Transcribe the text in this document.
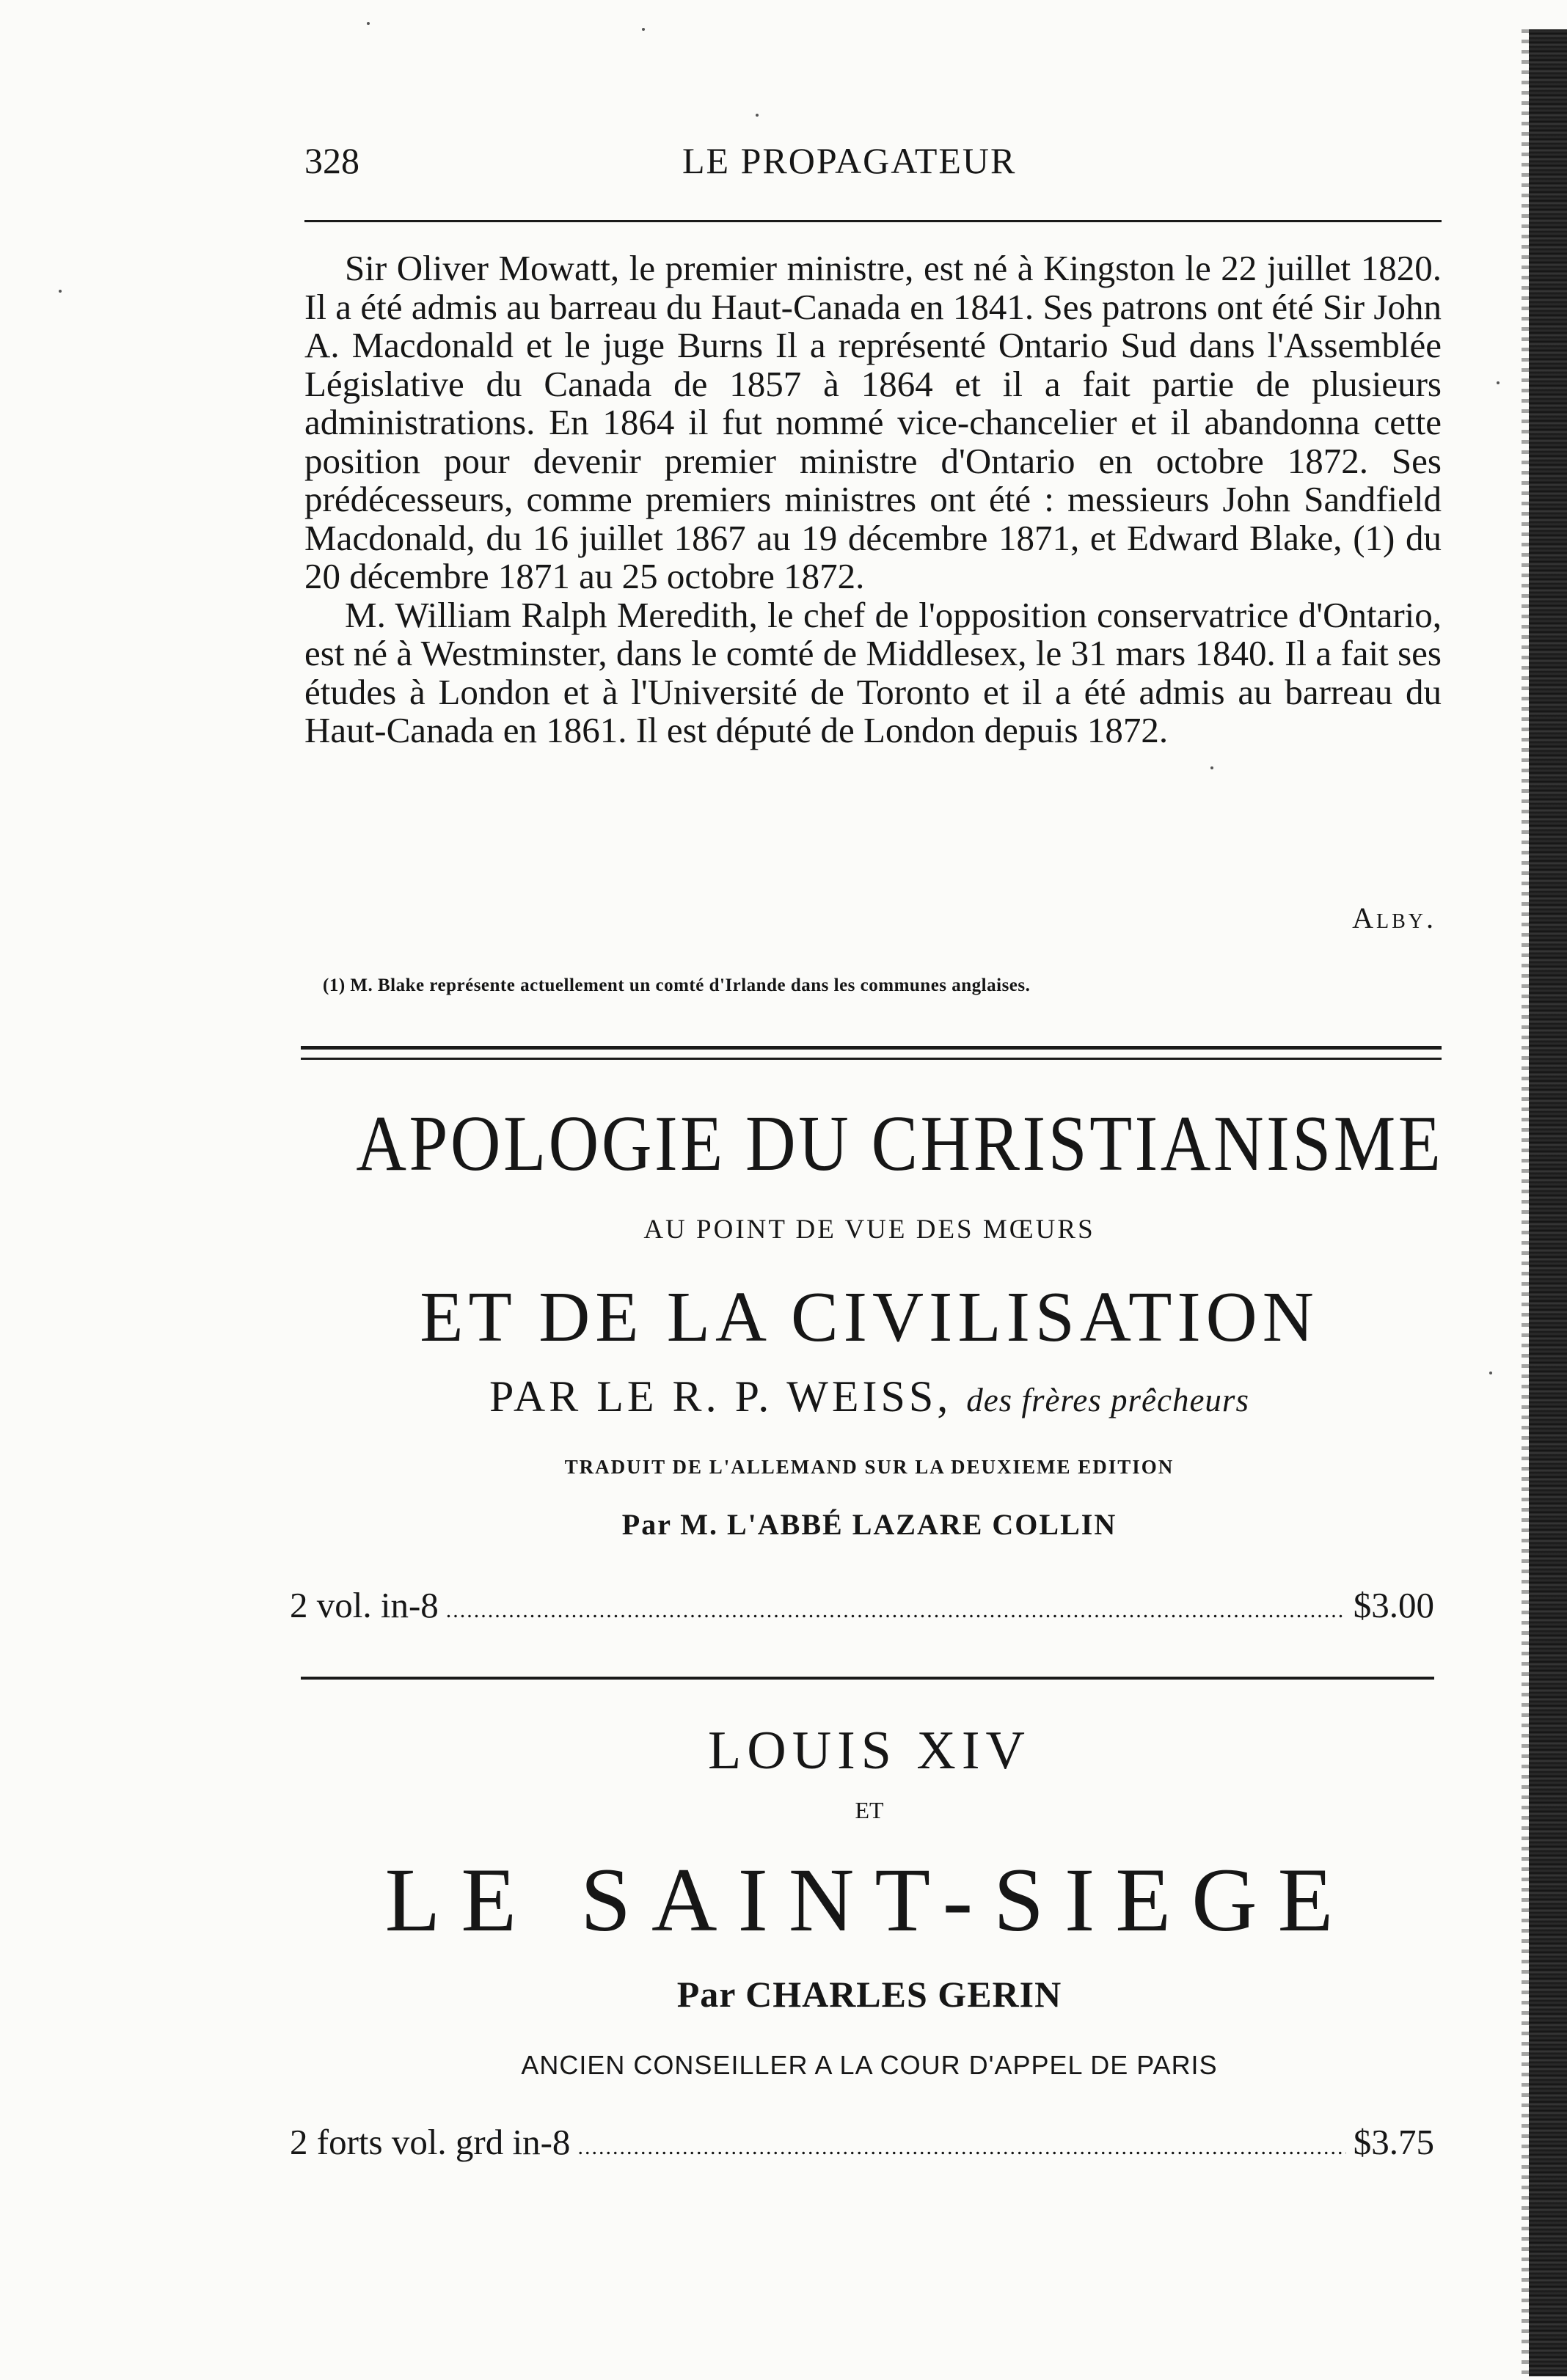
328	LE PROPAGATEUR

Sir Oliver Mowatt, le premier ministre, est né à Kingston le 22 juillet 1820. Il a été admis au barreau du Haut-Canada en 1841. Ses patrons ont été Sir John A. Macdonald et le juge Burns Il a représenté Ontario Sud dans l'Assemblée Législative du Canada de 1857 à 1864 et il a fait partie de plusieurs administrations. En 1864 il fut nommé vice-chancelier et il abandonna cette position pour devenir premier ministre d'Ontario en octobre 1872. Ses prédécesseurs, comme premiers ministres ont été : messieurs John Sandfield Macdonald, du 16 juillet 1867 au 19 décembre 1871, et Edward Blake, (1) du 20 décembre 1871 au 25 octobre 1872.

M. William Ralph Meredith, le chef de l'opposition conservatrice d'Ontario, est né à Westminster, dans le comté de Middlesex, le 31 mars 1840. Il a fait ses études à London et à l'Université de Toronto et il a été admis au barreau du Haut-Canada en 1861. Il est député de London depuis 1872.

Alby.
(1) M. Blake représente actuellement un comté d'Irlande dans les communes anglaises.
APOLOGIE DU CHRISTIANISME
AU POINT DE VUE DES MŒURS
ET DE LA CIVILISATION
PAR LE R. P. WEISS, des frères prêcheurs
TRADUIT DE L'ALLEMAND SUR LA DEUXIEME EDITION
Par M. L'ABBÉ LAZARE COLLIN
2 vol. in-8 .....	$3.00
LOUIS XIV
ET
LE SAINT-SIEGE
Par CHARLES GERIN
ANCIEN CONSEILLER A LA COUR D'APPEL DE PARIS
2 forts vol. grd in-8 .....	$3.75
